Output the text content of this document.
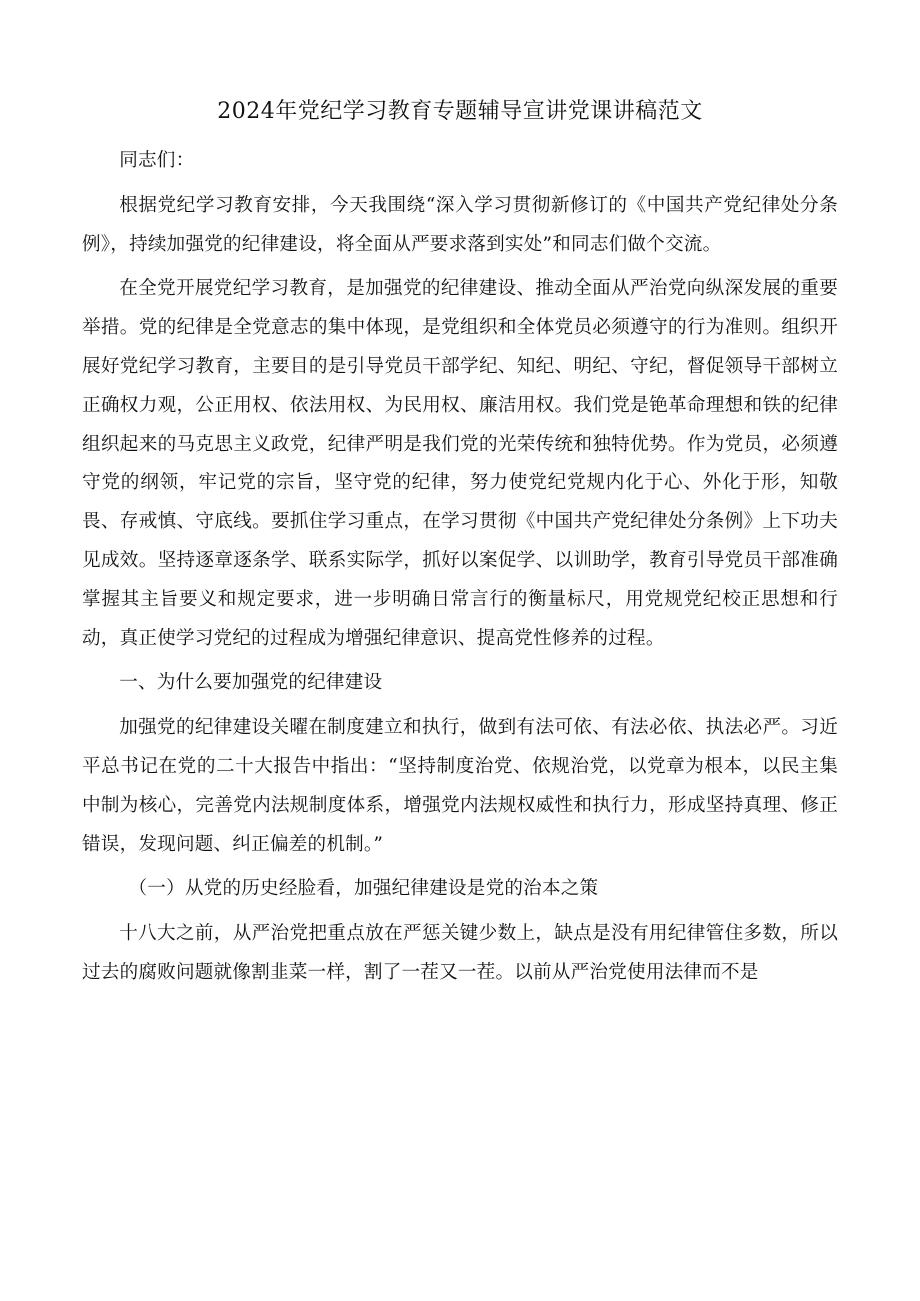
2024年党纪学习教育专题辅导宣讲党课讲稿范文

同志们：

根据党纪学习教育安排，今天我围绕“深入学习贯彻新修订的《中国共产党纪律处分条例》，持续加强党的纪律建设，将全面从严要求落到实处”和同志们做个交流。

在全党开展党纪学习教育，是加强党的纪律建设、推动全面从严治党向纵深发展的重要举措。党的纪律是全党意志的集中体现，是党组织和全体党员必须遵守的行为准则。组织开展好党纪学习教育，主要目的是引导党员干部学纪、知纪、明纪、守纪，督促领导干部树立正确权力观，公正用权、依法用权、为民用权、廉洁用权。我们党是铯革命理想和铁的纪律组织起来的马克思主义政党，纪律严明是我们党的光荣传统和独特优势。作为党员，必须遵守党的纲领，牢记党的宗旨，坚守党的纪律，努力使党纪党规内化于心、外化于形，知敬畏、存戒慎、守底线。要抓住学习重点，在学习贯彻《中国共产党纪律处分条例》上下功夫见成效。坚持逐章逐条学、联系实际学，抓好以案促学、以训助学，教育引导党员干部准确掌握其主旨要义和规定要求，进一步明确日常言行的衡量标尺，用党规党纪校正思想和行动，真正使学习党纪的过程成为增强纪律意识、提高党性修养的过程。

一、为什么要加强党的纪律建设

加强党的纪律建设关曜在制度建立和执行，做到有法可依、有法必依、执法必严。习近平总书记在党的二十大报告中指出：“坚持制度治党、依规治党，以党章为根本，以民主集中制为核心，完善党内法规制度体系，增强党内法规权威性和执行力，形成坚持真理、修正错误，发现问题、纠正偏差的机制。”

（一）从党的历史经脸看，加强纪律建设是党的治本之策

十八大之前，从严治党把重点放在严惩关键少数上，缺点是没有用纪律管住多数，所以过去的腐败问题就像割韭菜一样，割了一茬又一茬。以前从严治党使用法律而不是
